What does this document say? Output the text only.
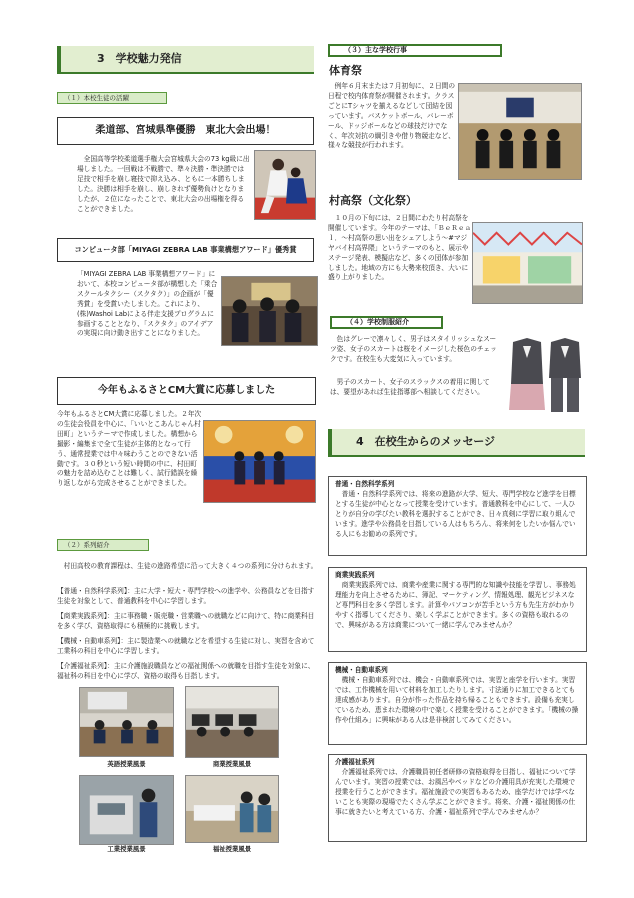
3　学校魅力発信
（１）本校生徒の活躍
柔道部、宮城県準優勝　東北大会出場！
　全国高等学校柔道選手権大会宮城県大会の73 kg級に出場しました。一回戦は不戦勝で、準々決勝・準決勝では足技で相手を崩し寝技で抑え込み、ともに一本勝ちしました。決勝は相手を崩し、崩しきれず優勢負けとなりましたが、２位になったことで、東北大会の出場権を得ることができました。
コンピュータ部「MIYAGI ZEBRA LAB 事業構想アワード」優秀賞
「MIYAGI ZEBRA LAB 事業構想アワード」において、本校コンピュータ部が構想した「乗合スクールタクシー（スクタク）」の企画が「優秀賞」を受賞いたしました。これにより、(株)Washoi Labによる伴走支援プログラムに参画することとなり、「スクタク」のアイデアの実現に向け動き出すことになりました。
今年もふるさとCM大賞に応募しました
今年もふるさとCM大賞に応募しました。２年次の生徒会役員を中心に、「いいとこあんじゃん村田町」というテーマで作成しました。構想から撮影・編集まで全て生徒が主体的となって行う、通常授業では中々味わうことのできない活動です。３０秒という短い時間の中に、村田町の魅力を詰め込むことは難しく、試行錯誤を繰り返しながら完成させることができました。
（２）系列紹介
　村田高校の教育課程は、生徒の進路希望に沿って大きく４つの系列に分けられます。
【普通・自然科学系列】：主に大学・短大・専門学校への進学や、公務員などを目指す生徒を対象として、普通教科を中心に学習します。
【商業実践系列】：主に事務職・販売職・営業職への就職などに向けて、特に商業科目を多く学び、資格取得にも積極的に挑戦します。
【機械・自動車系列】：主に製造業への就職などを希望する生徒に対し、実習を含めて工業科の科目を中心に学習します。
【介護福祉系列】：主に介護施設職員などの福祉関係への就職を目指す生徒を対象に、福祉科の科目を中心に学び、資格の取得も目指します。
英語授業風景	商業授業風景
工業授業風景	福祉授業風景
（３）主な学校行事
体育祭
　例年６月末または７月初旬に、２日間の日程で校内体育祭が開催されます。クラスごとにTシャツを揃えるなどして団結を図っています。バスケットボール、バレーボール、ドッジボールなどの球技だけでなく、年次対抗の綱引きや借り物競走など、様々な競技が行われます。
村高祭（文化祭）
　１０月の下旬には、２日間にわたり村高祭を開催しています。今年のテーマは、「ＢｅＲｅａｌ．～村高祭の思い出をシェアしよう～#マジヤバイ村高界隈」というテーマのもと、展示やステージ発表、模擬店など、多くの団体が参加しました。地域の方にも大勢来校頂き、大いに盛り上がりました。
（４）学校制服紹介
　色はグレーで凛々しく、男子はスタイリッシュなスーツ姿、女子のスカートは桜をイメージした桜色のチェックです。在校生も大変気に入っています。
　男子のスカート、女子のスラックスの着用に関しては、要望があれば生徒指導部へ相談してください。
4　在校生からのメッセージ
普通・自然科学系列
　普通・自然科学系列では、将来の進路が大学、短大、専門学校など進学を目標とする生徒が中心となって授業を受けています。普通教科を中心にして、一人ひとりが自分の学びたい教科を選択することができ、日々真剣に学習に取り組んでいます。進学や公務員を目指している人はもちろん、将来何をしたいか悩んでいる人にもお勧めの系列です。
商業実践系列
　商業実践系列では、商業や産業に関する専門的な知識や技能を学習し、事務処理能力を向上させるために、簿記、マーケティング、情報処理、観光ビジネスなど専門科目を多く学習します。計算やパソコンが苦手という方も先生方がわかりやすく指導してくださり、楽しく学ぶことができます。多くの資格も取れるので、興味がある方は商業について一緒に学んでみませんか？
機械・自動車系列
　機械・自動車系列では、機会・自動車系列では、実習と座学を行います。実習では、工作機械を用いて材料を加工したりします。寸法通りに加工できるとても達成感があります。自分が作った作品を持ち帰ることもできます。設備も充実しているため、恵まれた環境の中で楽しく授業を受けることができます。「機械の操作や仕組み」に興味がある人は是非検討してみてください。
介護福祉系列
　介護福祉系列では、介護職員初任者研修の資格取得を目指し、福祉について学んでいます。実習の授業では、お風呂やベッドなどの介護用具が充実した環境で授業を行うことができます。福祉施設での実習もあるため、座学だけでは学べないことも実際の現場でたくさん学ぶことができます。将来、介護・福祉関係の仕事に就きたいと考えている方、介護・福祉系列で学んでみませんか？
